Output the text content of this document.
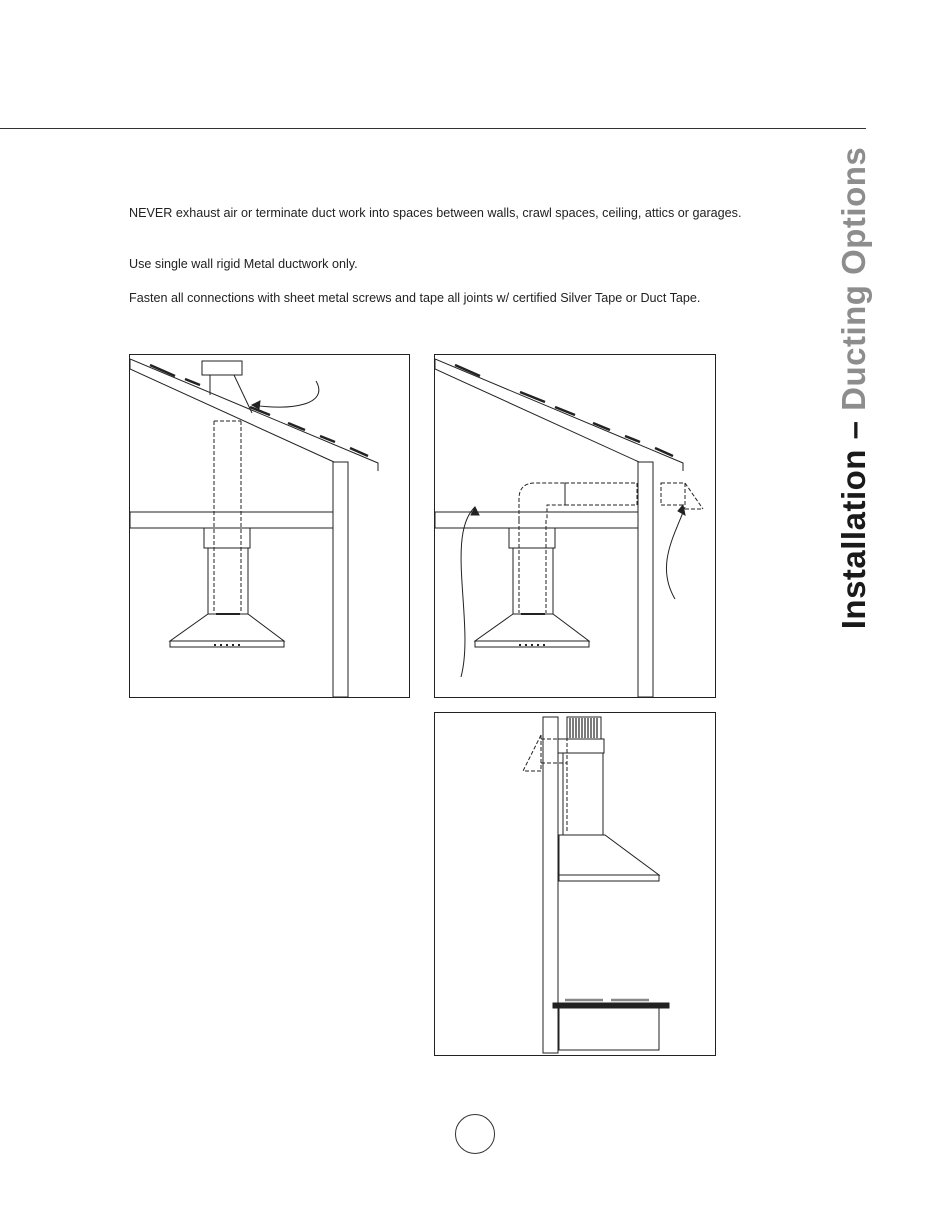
NEVER exhaust air or terminate duct work into spaces between walls, crawl spaces, ceiling, attics or garages.
Use single wall rigid Metal ductwork only.
Fasten all connections with sheet metal screws and tape all joints w/ certified Silver Tape or Duct Tape.
Installation – Ducting Options
